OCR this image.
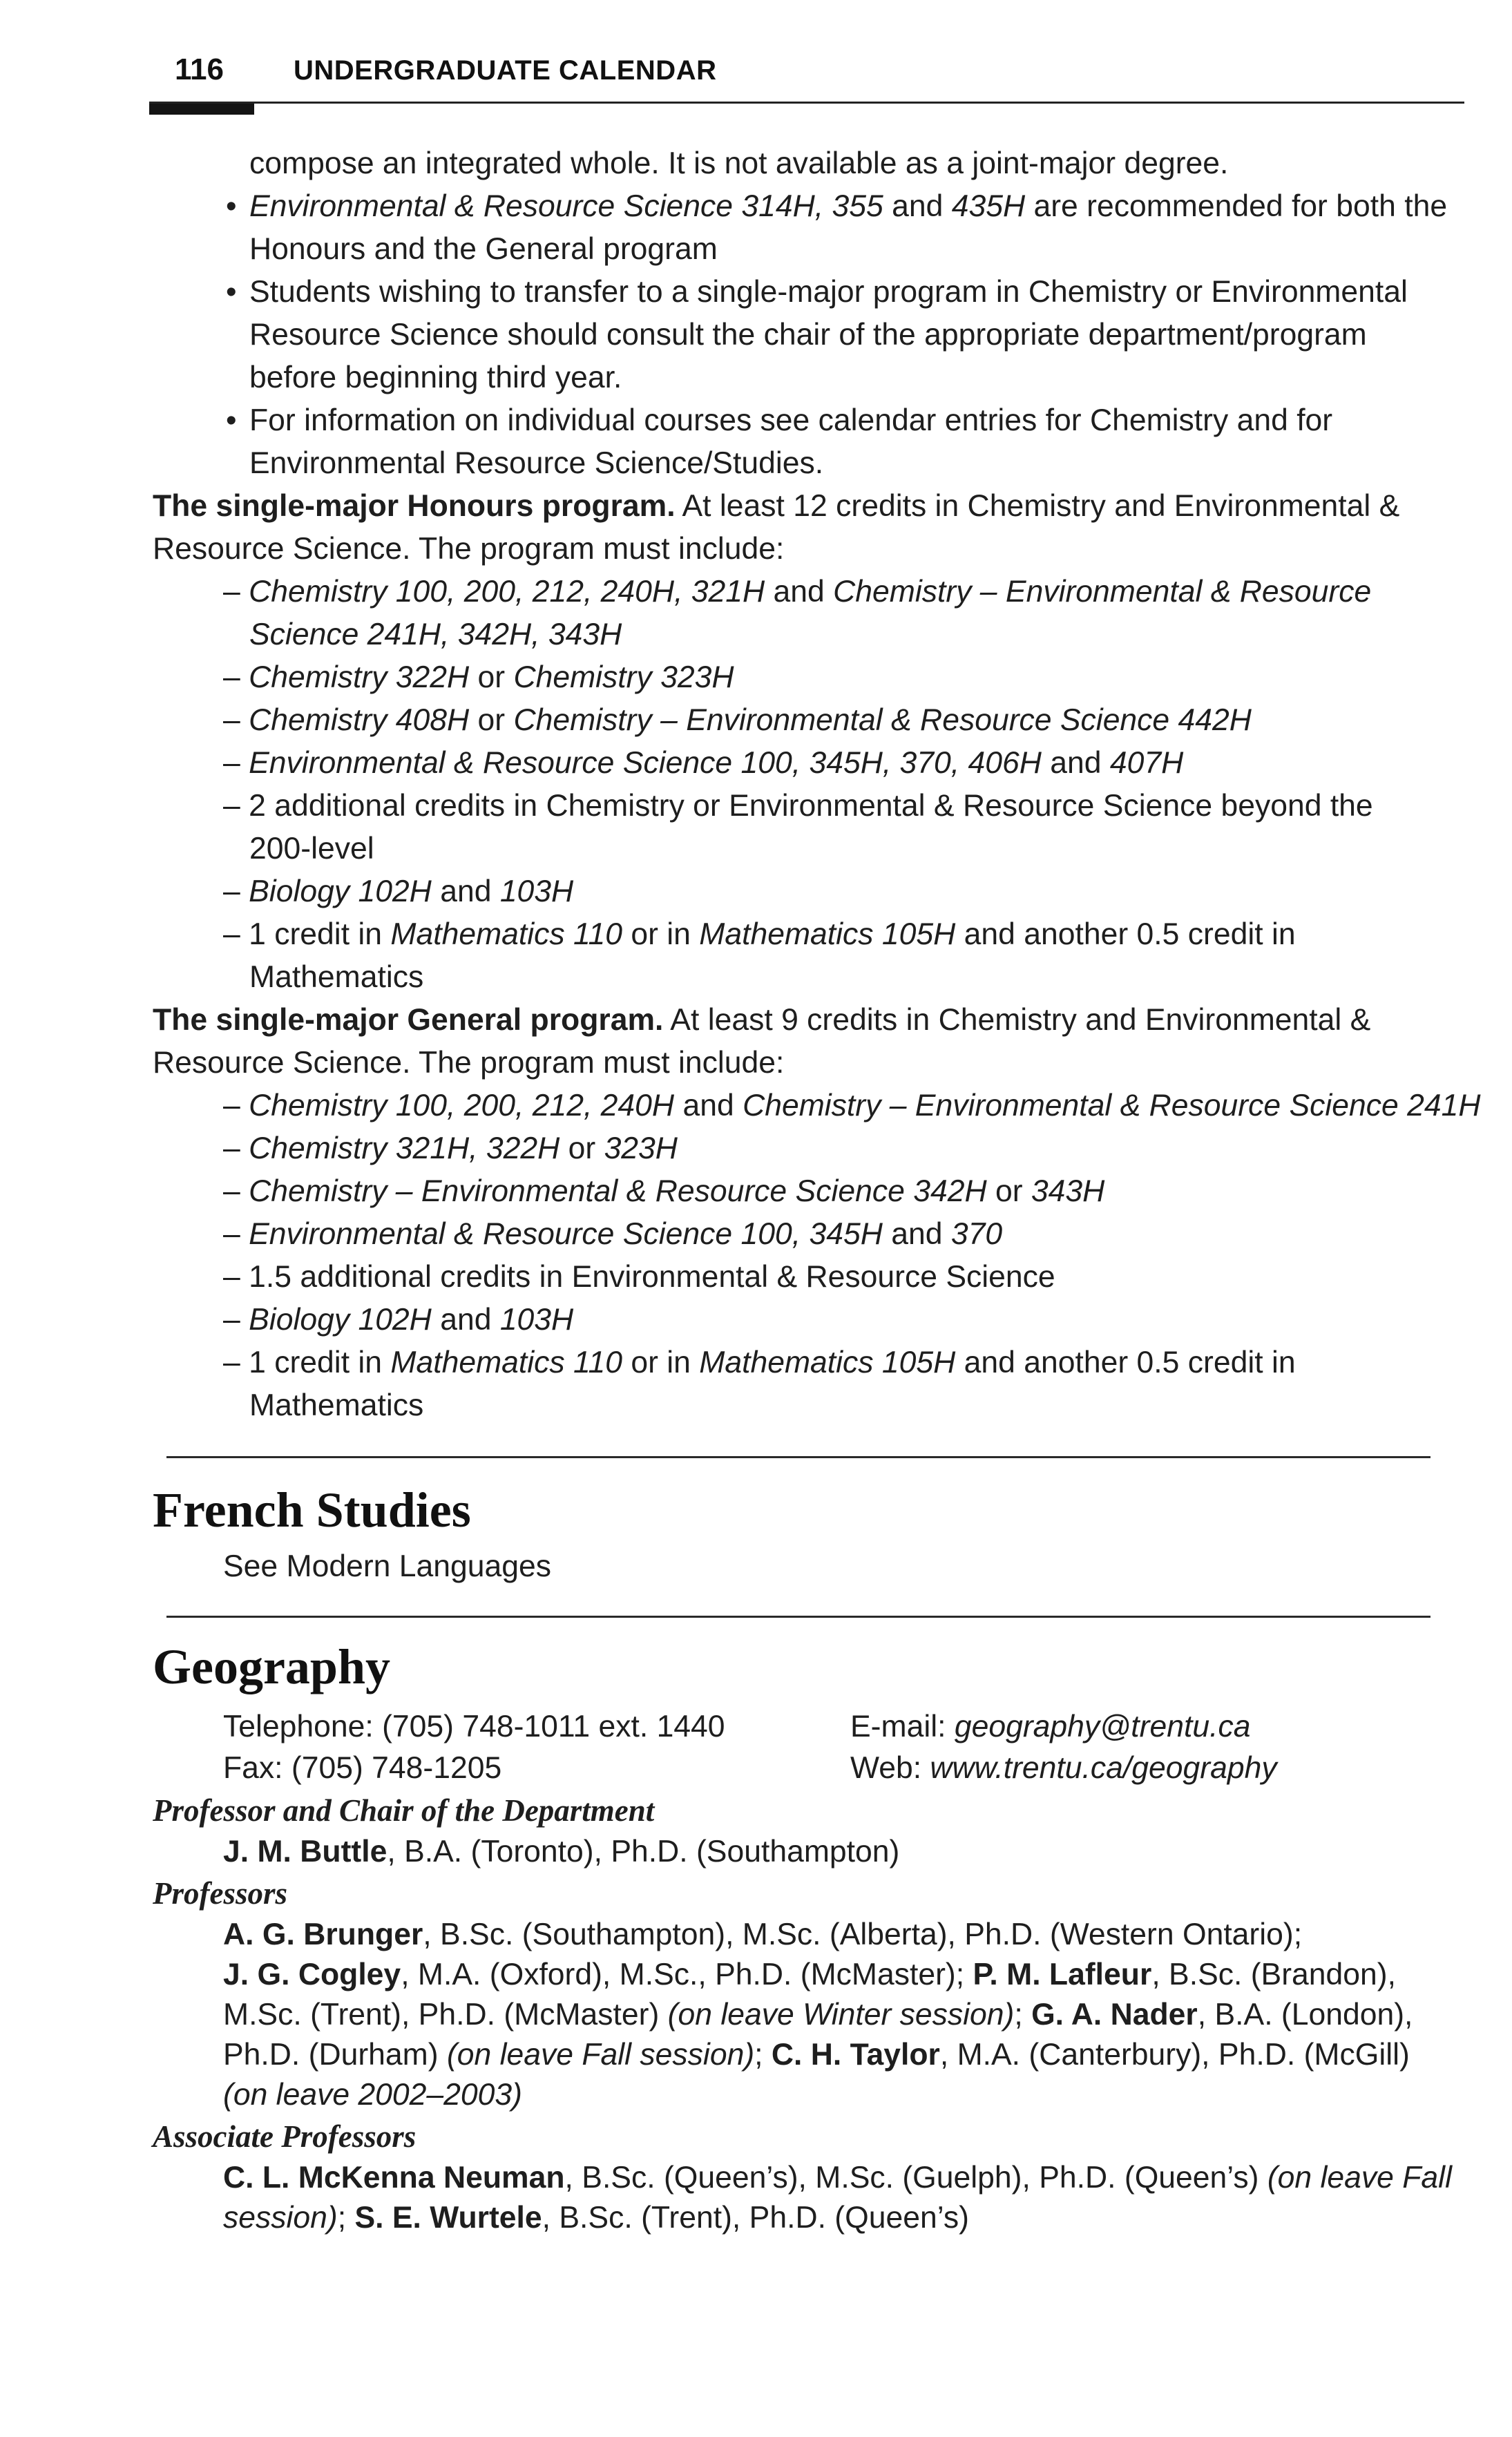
116	UNDERGRADUATE CALENDAR
compose an integrated whole. It is not available as a joint-major degree.
• Environmental & Resource Science 314H, 355 and 435H are recommended for both the
Honours and the General program
• Students wishing to transfer to a single-major program in Chemistry or Environmental
Resource Science should consult the chair of the appropriate department/program
before beginning third year.
• For information on individual courses see calendar entries for Chemistry and for
Environmental Resource Science/Studies.
The single-major Honours program. At least 12 credits in Chemistry and Environmental &
Resource Science. The program must include:
– Chemistry 100, 200, 212, 240H, 321H and Chemistry – Environmental & Resource
Science 241H, 342H, 343H
– Chemistry 322H or Chemistry 323H
– Chemistry 408H or Chemistry – Environmental & Resource Science 442H
– Environmental & Resource Science 100, 345H, 370, 406H and 407H
– 2 additional credits in Chemistry or Environmental & Resource Science beyond the
200-level
– Biology 102H and 103H
– 1 credit in Mathematics 110 or in Mathematics 105H and another 0.5 credit in
Mathematics
The single-major General program. At least 9 credits in Chemistry and Environmental &
Resource Science. The program must include:
– Chemistry 100, 200, 212, 240H and Chemistry – Environmental & Resource Science 241H
– Chemistry 321H, 322H or 323H
– Chemistry – Environmental & Resource Science 342H or 343H
– Environmental & Resource Science 100, 345H and 370
– 1.5 additional credits in Environmental & Resource Science
– Biology 102H and 103H
– 1 credit in Mathematics 110 or in Mathematics 105H and another 0.5 credit in
Mathematics
French Studies
See Modern Languages
Geography
Telephone: (705) 748-1011 ext. 1440	E-mail: geography@trentu.ca
Fax: (705) 748-1205	Web: www.trentu.ca/geography
Professor and Chair of the Department
J. M. Buttle, B.A. (Toronto), Ph.D. (Southampton)
Professors
A. G. Brunger, B.Sc. (Southampton), M.Sc. (Alberta), Ph.D. (Western Ontario);
J. G. Cogley, M.A. (Oxford), M.Sc., Ph.D. (McMaster); P. M. Lafleur, B.Sc. (Brandon),
M.Sc. (Trent), Ph.D. (McMaster) (on leave Winter session); G. A. Nader, B.A. (London),
Ph.D. (Durham) (on leave Fall session); C. H. Taylor, M.A. (Canterbury), Ph.D. (McGill)
(on leave 2002–2003)
Associate Professors
C. L. McKenna Neuman, B.Sc. (Queen’s), M.Sc. (Guelph), Ph.D. (Queen’s) (on leave Fall
session); S. E. Wurtele, B.Sc. (Trent), Ph.D. (Queen’s)
